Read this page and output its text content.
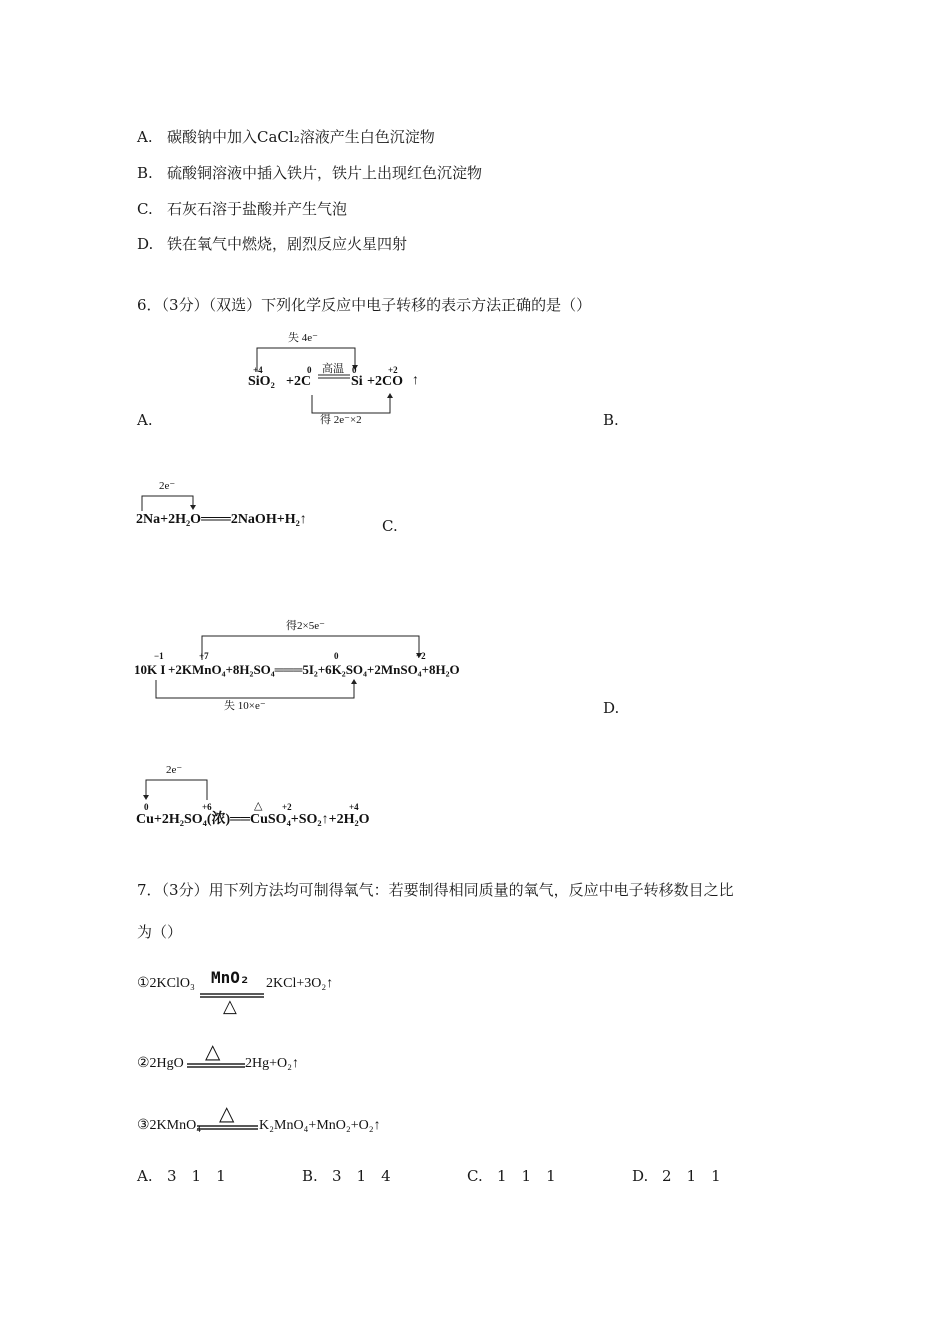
A. 碳酸钠中加入CaCl₂溶液产生白色沉淀物
B. 硫酸铜溶液中插入铁片，铁片上出现红色沉淀物
C. 石灰石溶于盐酸并产生气泡
D. 铁在氧气中燃烧，剧烈反应火星四射
6．（3分）（双选）下列化学反应中电子转移的表示方法正确的是（）
失 4e⁻
+4	0	0	+2
高温
SiO₂ +2C	Si +2CO ↑
得 2e⁻×2
A.	B.
2e⁻
2Na+2H₂O═══2NaOH+H₂↑	C.
得2×5e⁻
−1	+7	0	+2
10K I +2KMnO₄+8H₂SO₄═══5I₂+6K₂SO₄+2MnSO₄+8H₂O
失 10×e⁻	D.
2e⁻
0	+6	+2	+4
△
Cu+2H₂SO₄(浓)══CuSO₄+SO₂↑+2H₂O
7．（3分）用下列方法均可制得氧气：若要制得相同质量的氧气，反应中电子转移数目之比
为（）
①2KClO₃ MnO₂
△
2KCl+3O₂↑
②2HgO
△
2Hg+O₂↑
③2KMnO₄
△
K₂MnO₄+MnO₂+O₂↑
A. 3　1　1	B. 3　1　4	C. 1　1　1	D. 2　1　1
